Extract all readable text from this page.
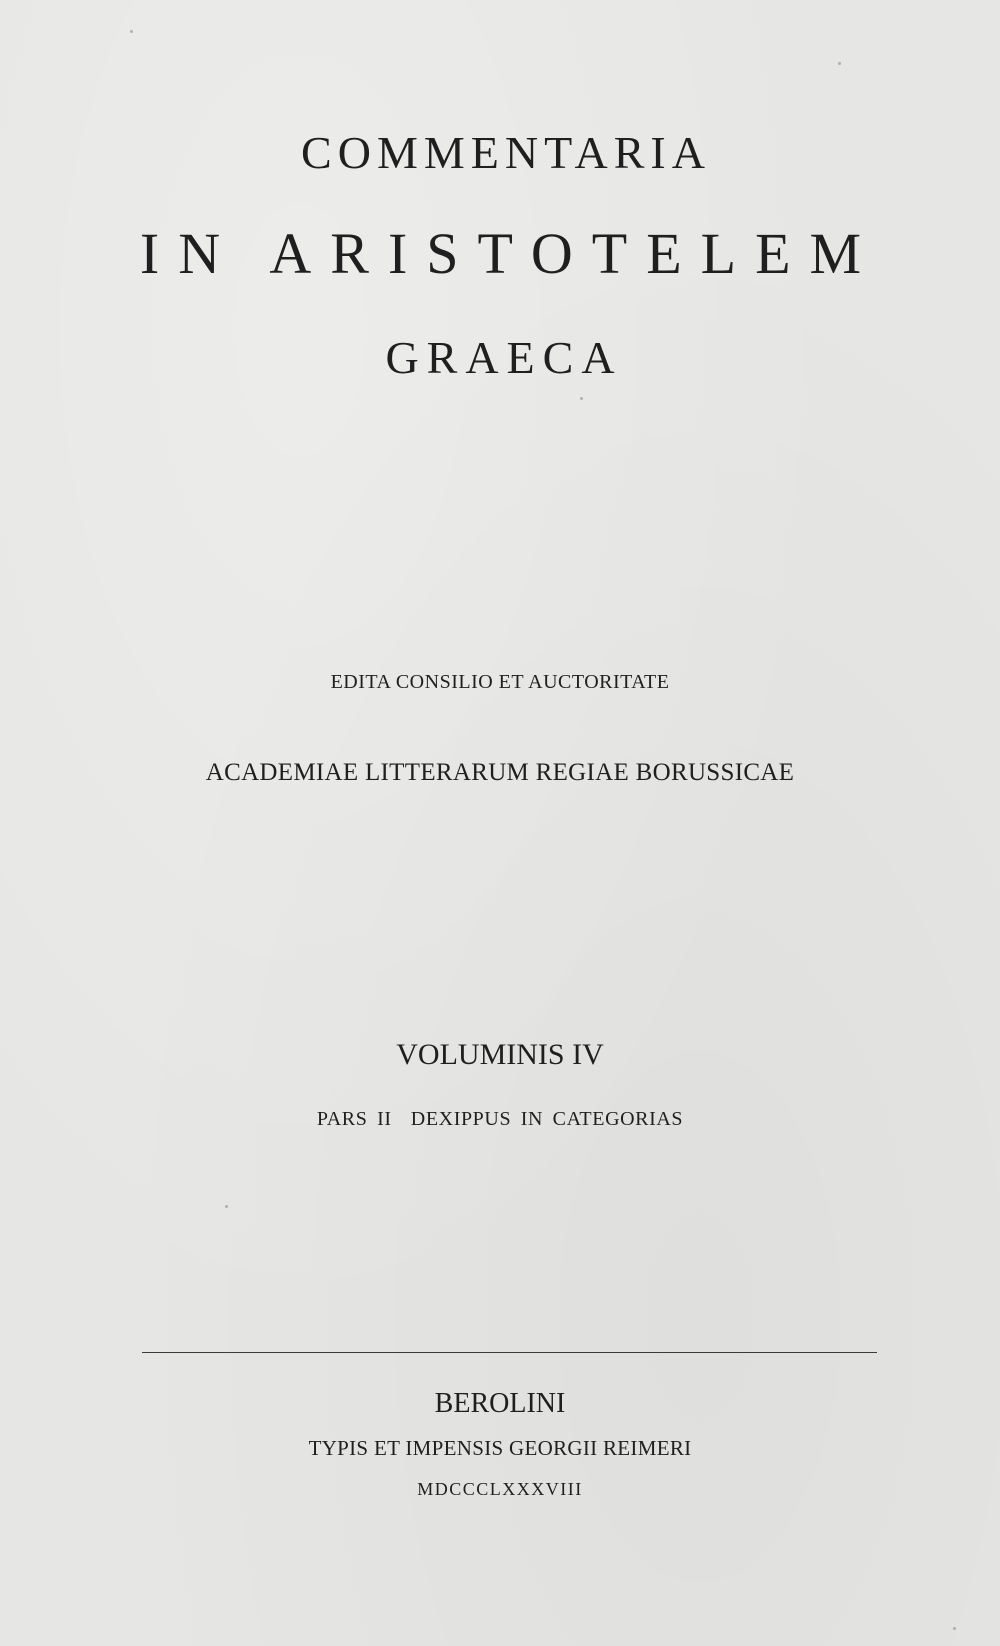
COMMENTARIA
IN ARISTOTELEM
GRAECA
EDITA CONSILIO ET AUCTORITATE
ACADEMIAE LITTERARUM REGIAE BORUSSICAE
VOLUMINIS IV
PARS II  DEXIPPUS IN CATEGORIAS
BEROLINI
TYPIS ET IMPENSIS GEORGII REIMERI
MDCCCLXXXVIII
